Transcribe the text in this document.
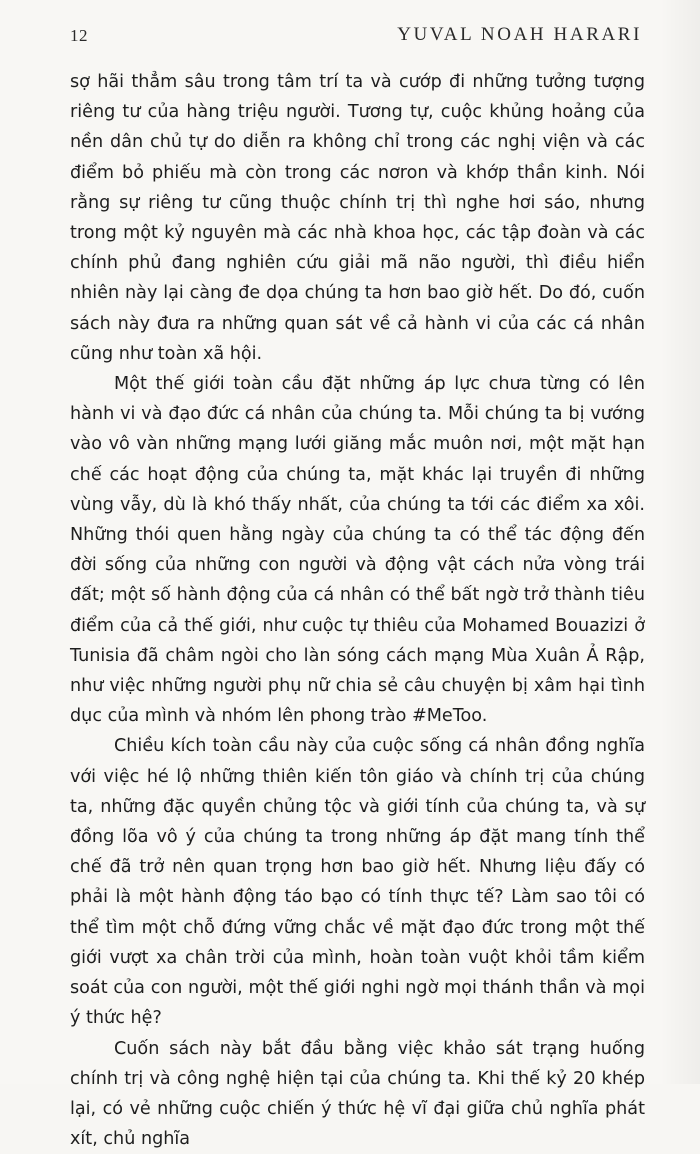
12	YUVAL NOAH HARARI

sợ hãi thẳm sâu trong tâm trí ta và cướp đi những tưởng tượng riêng tư của hàng triệu người. Tương tự, cuộc khủng hoảng của nền dân chủ tự do diễn ra không chỉ trong các nghị viện và các điểm bỏ phiếu mà còn trong các nơron và khớp thần kinh. Nói rằng sự riêng tư cũng thuộc chính trị thì nghe hơi sáo, nhưng trong một kỷ nguyên mà các nhà khoa học, các tập đoàn và các chính phủ đang nghiên cứu giải mã não người, thì điều hiển nhiên này lại càng đe dọa chúng ta hơn bao giờ hết. Do đó, cuốn sách này đưa ra những quan sát về cả hành vi của các cá nhân cũng như toàn xã hội.

Một thế giới toàn cầu đặt những áp lực chưa từng có lên hành vi và đạo đức cá nhân của chúng ta. Mỗi chúng ta bị vướng vào vô vàn những mạng lưới giăng mắc muôn nơi, một mặt hạn chế các hoạt động của chúng ta, mặt khác lại truyền đi những vùng vẫy, dù là khó thấy nhất, của chúng ta tới các điểm xa xôi. Những thói quen hằng ngày của chúng ta có thể tác động đến đời sống của những con người và động vật cách nửa vòng trái đất; một số hành động của cá nhân có thể bất ngờ trở thành tiêu điểm của cả thế giới, như cuộc tự thiêu của Mohamed Bouazizi ở Tunisia đã châm ngòi cho làn sóng cách mạng Mùa Xuân Ả Rập, như việc những người phụ nữ chia sẻ câu chuyện bị xâm hại tình dục của mình và nhóm lên phong trào #MeToo.

Chiều kích toàn cầu này của cuộc sống cá nhân đồng nghĩa với việc hé lộ những thiên kiến tôn giáo và chính trị của chúng ta, những đặc quyền chủng tộc và giới tính của chúng ta, và sự đồng lõa vô ý của chúng ta trong những áp đặt mang tính thể chế đã trở nên quan trọng hơn bao giờ hết. Nhưng liệu đấy có phải là một hành động táo bạo có tính thực tế? Làm sao tôi có thể tìm một chỗ đứng vững chắc về mặt đạo đức trong một thế giới vượt xa chân trời của mình, hoàn toàn vuột khỏi tầm kiểm soát của con người, một thế giới nghi ngờ mọi thánh thần và mọi ý thức hệ?

Cuốn sách này bắt đầu bằng việc khảo sát trạng huống chính trị và công nghệ hiện tại của chúng ta. Khi thế kỷ 20 khép lại, có vẻ những cuộc chiến ý thức hệ vĩ đại giữa chủ nghĩa phát xít, chủ nghĩa
